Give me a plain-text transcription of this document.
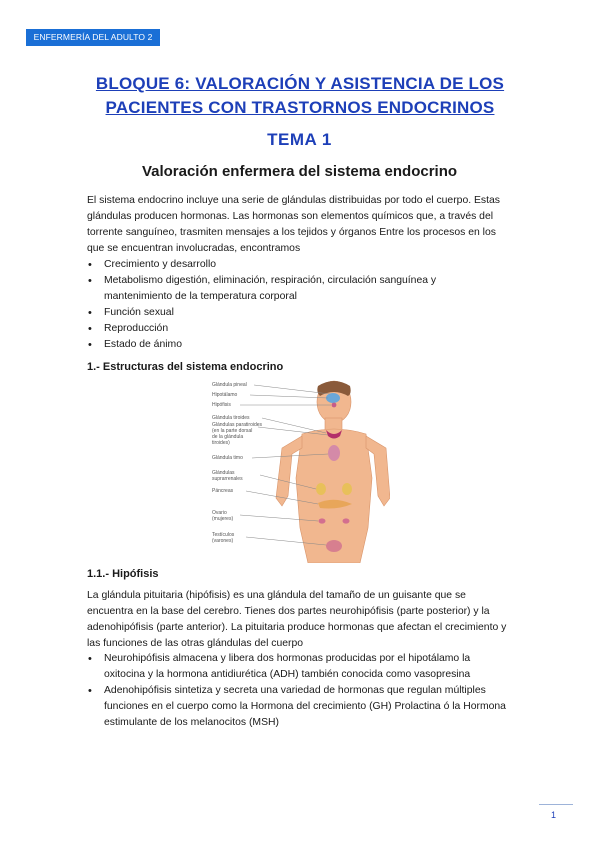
ENFERMERÍA DEL ADULTO 2
BLOQUE 6: VALORACIÓN Y ASISTENCIA DE LOS
PACIENTES CON TRASTORNOS ENDOCRINOS
TEMA 1
Valoración enfermera del sistema endocrino

El sistema endocrino incluye una serie de glándulas distribuidas por todo el cuerpo. Estas glándulas producen hormonas. Las hormonas son elementos químicos que, a través del torrente sanguíneo, trasmiten mensajes a los tejidos y órganos Entre los procesos en los que se encuentran involucradas, encontramos

• Crecimiento y desarrollo
• Metabolismo digestión, eliminación, respiración, circulación sanguínea y mantenimiento de la temperatura corporal
• Función sexual
• Reproducción
• Estado de ánimo
1.- Estructuras del sistema endocrino
Glándula pineal
Hipotálamo
Hipófisis
Glándula tiroides
Glándulas paratiroides (en la parte dorsal de la glándula tiroides)
Glándula timo
Glándulas suprarrenales
Páncreas
Ovario (mujeres)
Testículos (varones)
1.1.- Hipófisis

La glándula pituitaria (hipófisis) es una glándula del tamaño de un guisante que se encuentra en la base del cerebro. Tienes dos partes neurohipófisis (parte posterior) y la adenohipófisis (parte anterior). La pituitaria produce hormonas que afectan el crecimiento y las funciones de las otras glándulas del cuerpo

• Neurohipófisis almacena y libera dos hormonas producidas por el hipotálamo la oxitocina y la hormona antidiurética (ADH) también conocida como vasopresina
• Adenohipófisis sintetiza y secreta una variedad de hormonas que regulan múltiples funciones en el cuerpo como la Hormona del crecimiento (GH) Prolactina ó la Hormona estimulante de los melanocitos (MSH)
1
